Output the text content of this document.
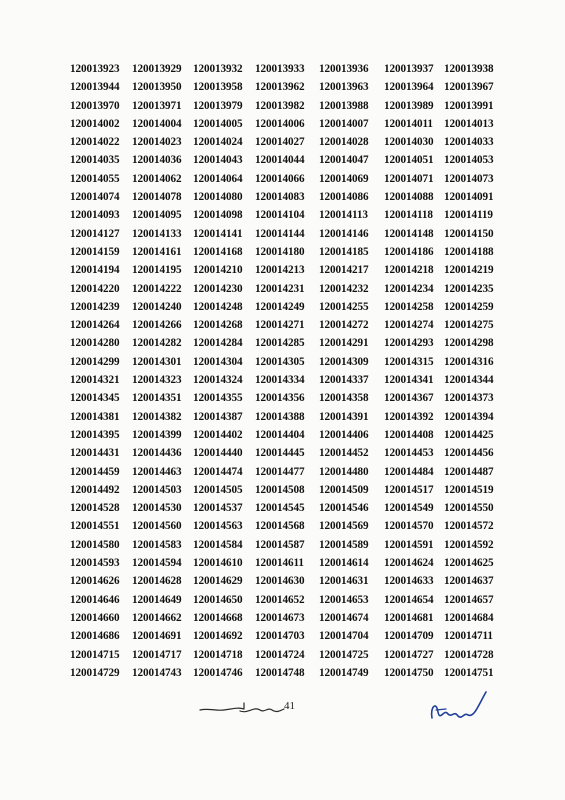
120013923	120013929	120013932	120013933	120013936	120013937	120013938
120013944	120013950	120013958	120013962	120013963	120013964	120013967
120013970	120013971	120013979	120013982	120013988	120013989	120013991
120014002	120014004	120014005	120014006	120014007	120014011	120014013
120014022	120014023	120014024	120014027	120014028	120014030	120014033
120014035	120014036	120014043	120014044	120014047	120014051	120014053
120014055	120014062	120014064	120014066	120014069	120014071	120014073
120014074	120014078	120014080	120014083	120014086	120014088	120014091
120014093	120014095	120014098	120014104	120014113	120014118	120014119
120014127	120014133	120014141	120014144	120014146	120014148	120014150
120014159	120014161	120014168	120014180	120014185	120014186	120014188
120014194	120014195	120014210	120014213	120014217	120014218	120014219
120014220	120014222	120014230	120014231	120014232	120014234	120014235
120014239	120014240	120014248	120014249	120014255	120014258	120014259
120014264	120014266	120014268	120014271	120014272	120014274	120014275
120014280	120014282	120014284	120014285	120014291	120014293	120014298
120014299	120014301	120014304	120014305	120014309	120014315	120014316
120014321	120014323	120014324	120014334	120014337	120014341	120014344
120014345	120014351	120014355	120014356	120014358	120014367	120014373
120014381	120014382	120014387	120014388	120014391	120014392	120014394
120014395	120014399	120014402	120014404	120014406	120014408	120014425
120014431	120014436	120014440	120014445	120014452	120014453	120014456
120014459	120014463	120014474	120014477	120014480	120014484	120014487
120014492	120014503	120014505	120014508	120014509	120014517	120014519
120014528	120014530	120014537	120014545	120014546	120014549	120014550
120014551	120014560	120014563	120014568	120014569	120014570	120014572
120014580	120014583	120014584	120014587	120014589	120014591	120014592
120014593	120014594	120014610	120014611	120014614	120014624	120014625
120014626	120014628	120014629	120014630	120014631	120014633	120014637
120014646	120014649	120014650	120014652	120014653	120014654	120014657
120014660	120014662	120014668	120014673	120014674	120014681	120014684
120014686	120014691	120014692	120014703	120014704	120014709	120014711
120014715	120014717	120014718	120014724	120014725	120014727	120014728
120014729	120014743	120014746	120014748	120014749	120014750	120014751
41
